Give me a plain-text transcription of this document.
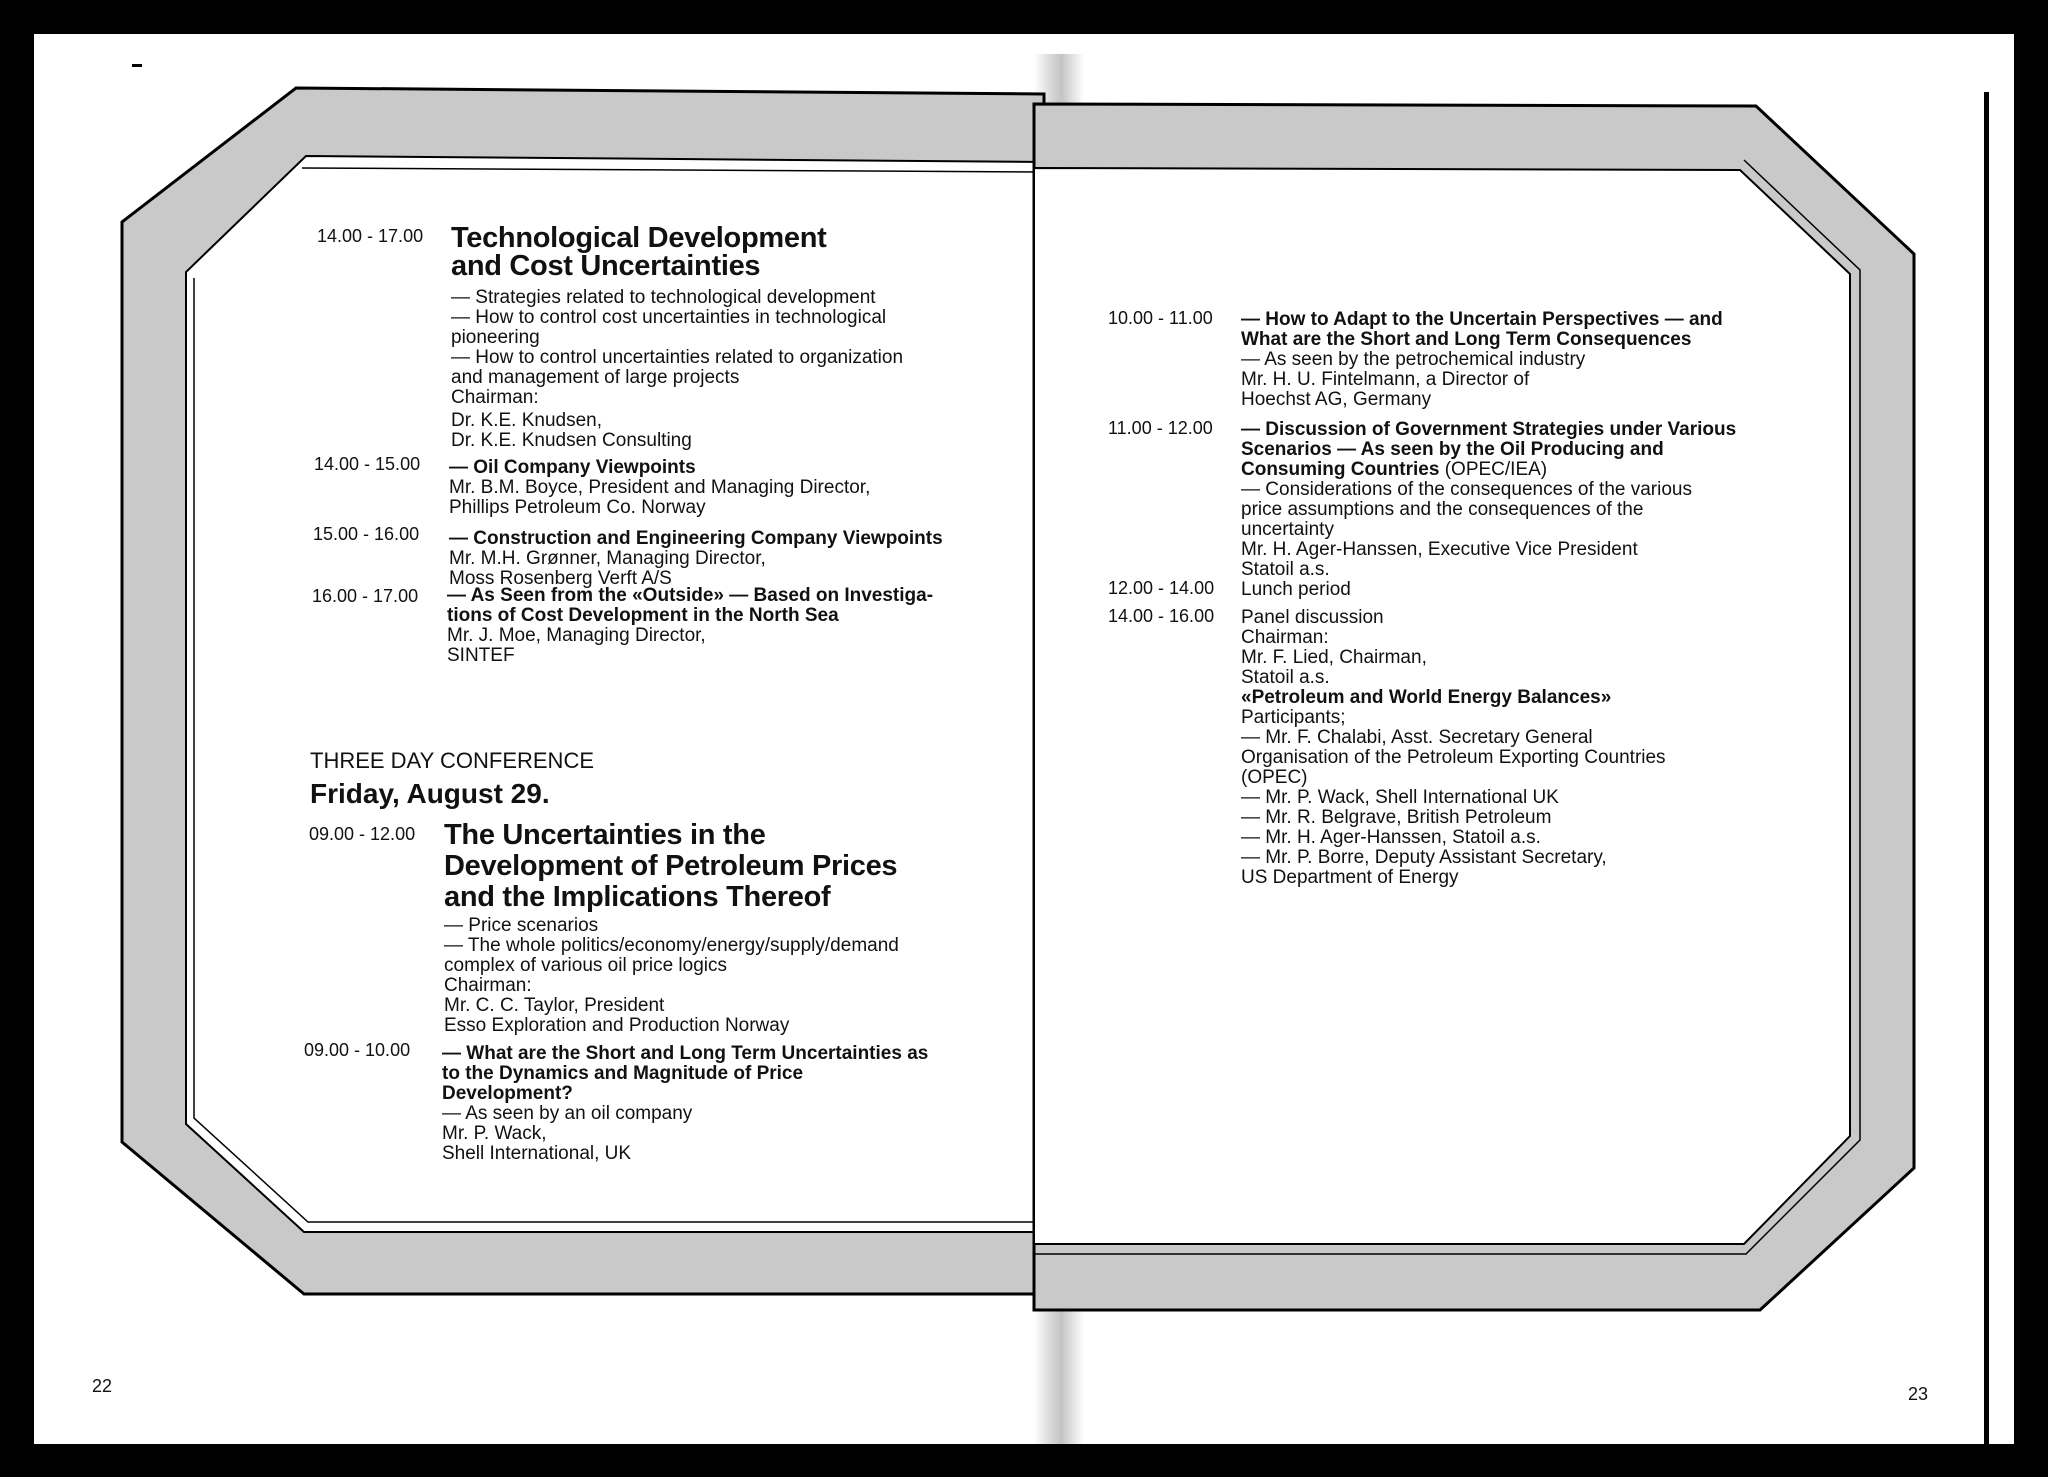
14.00 - 17.00 Technological Development

and Cost Uncertainties

— Strategies related to technological development

— How to control cost uncertainties in technological

pioneering

— How to control uncertainties related to organization

and management of large projects

Chairman:

Dr. K.E. Knudsen,

Dr. K.E. Knudsen Consulting

14.00 - 15.00 — Oil Company Viewpoints

Mr. B.M. Boyce, President and Managing Director,

Phillips Petroleum Co. Norway

15.00 - 16.00 — Construction and Engineering Company Viewpoints

Mr. M.H. Grønner, Managing Director,

Moss Rosenberg Verft A/S

16.00 - 17.00 — As Seen from the «Outside» — Based on Investiga-

tions of Cost Development in the North Sea

Mr. J. Moe, Managing Director,

SINTEF

THREE DAY CONFERENCE
Friday, August 29.
09.00 - 12.00 The Uncertainties in the

Development of Petroleum Prices

and the Implications Thereof

— Price scenarios

— The whole politics/economy/energy/supply/demand

complex of various oil price logics

Chairman:

Mr. C. C. Taylor, President

Esso Exploration and Production Norway

09.00 - 10.00 — What are the Short and Long Term Uncertainties as

to the Dynamics and Magnitude of Price

Development?

— As seen by an oil company

Mr. P. Wack,

Shell International, UK

22
10.00 - 11.00 — How to Adapt to the Uncertain Perspectives — and

What are the Short and Long Term Consequences

— As seen by the petrochemical industry

Mr. H. U. Fintelmann, a Director of

Hoechst AG, Germany

11.00 - 12.00 — Discussion of Government Strategies under Various

Scenarios — As seen by the Oil Producing and

Consuming Countries (OPEC/IEA)

— Considerations of the consequences of the various

price assumptions and the consequences of the

uncertainty

Mr. H. Ager-Hanssen, Executive Vice President

Statoil a.s.

12.00 - 14.00 Lunch period

14.00 - 16.00 Panel discussion

Chairman:

Mr. F. Lied, Chairman,

Statoil a.s.

«Petroleum and World Energy Balances»

Participants;

— Mr. F. Chalabi, Asst. Secretary General

Organisation of the Petroleum Exporting Countries

(OPEC)

— Mr. P. Wack, Shell International UK

— Mr. R. Belgrave, British Petroleum

— Mr. H. Ager-Hanssen, Statoil a.s.

— Mr. P. Borre, Deputy Assistant Secretary,

US Department of Energy

23
